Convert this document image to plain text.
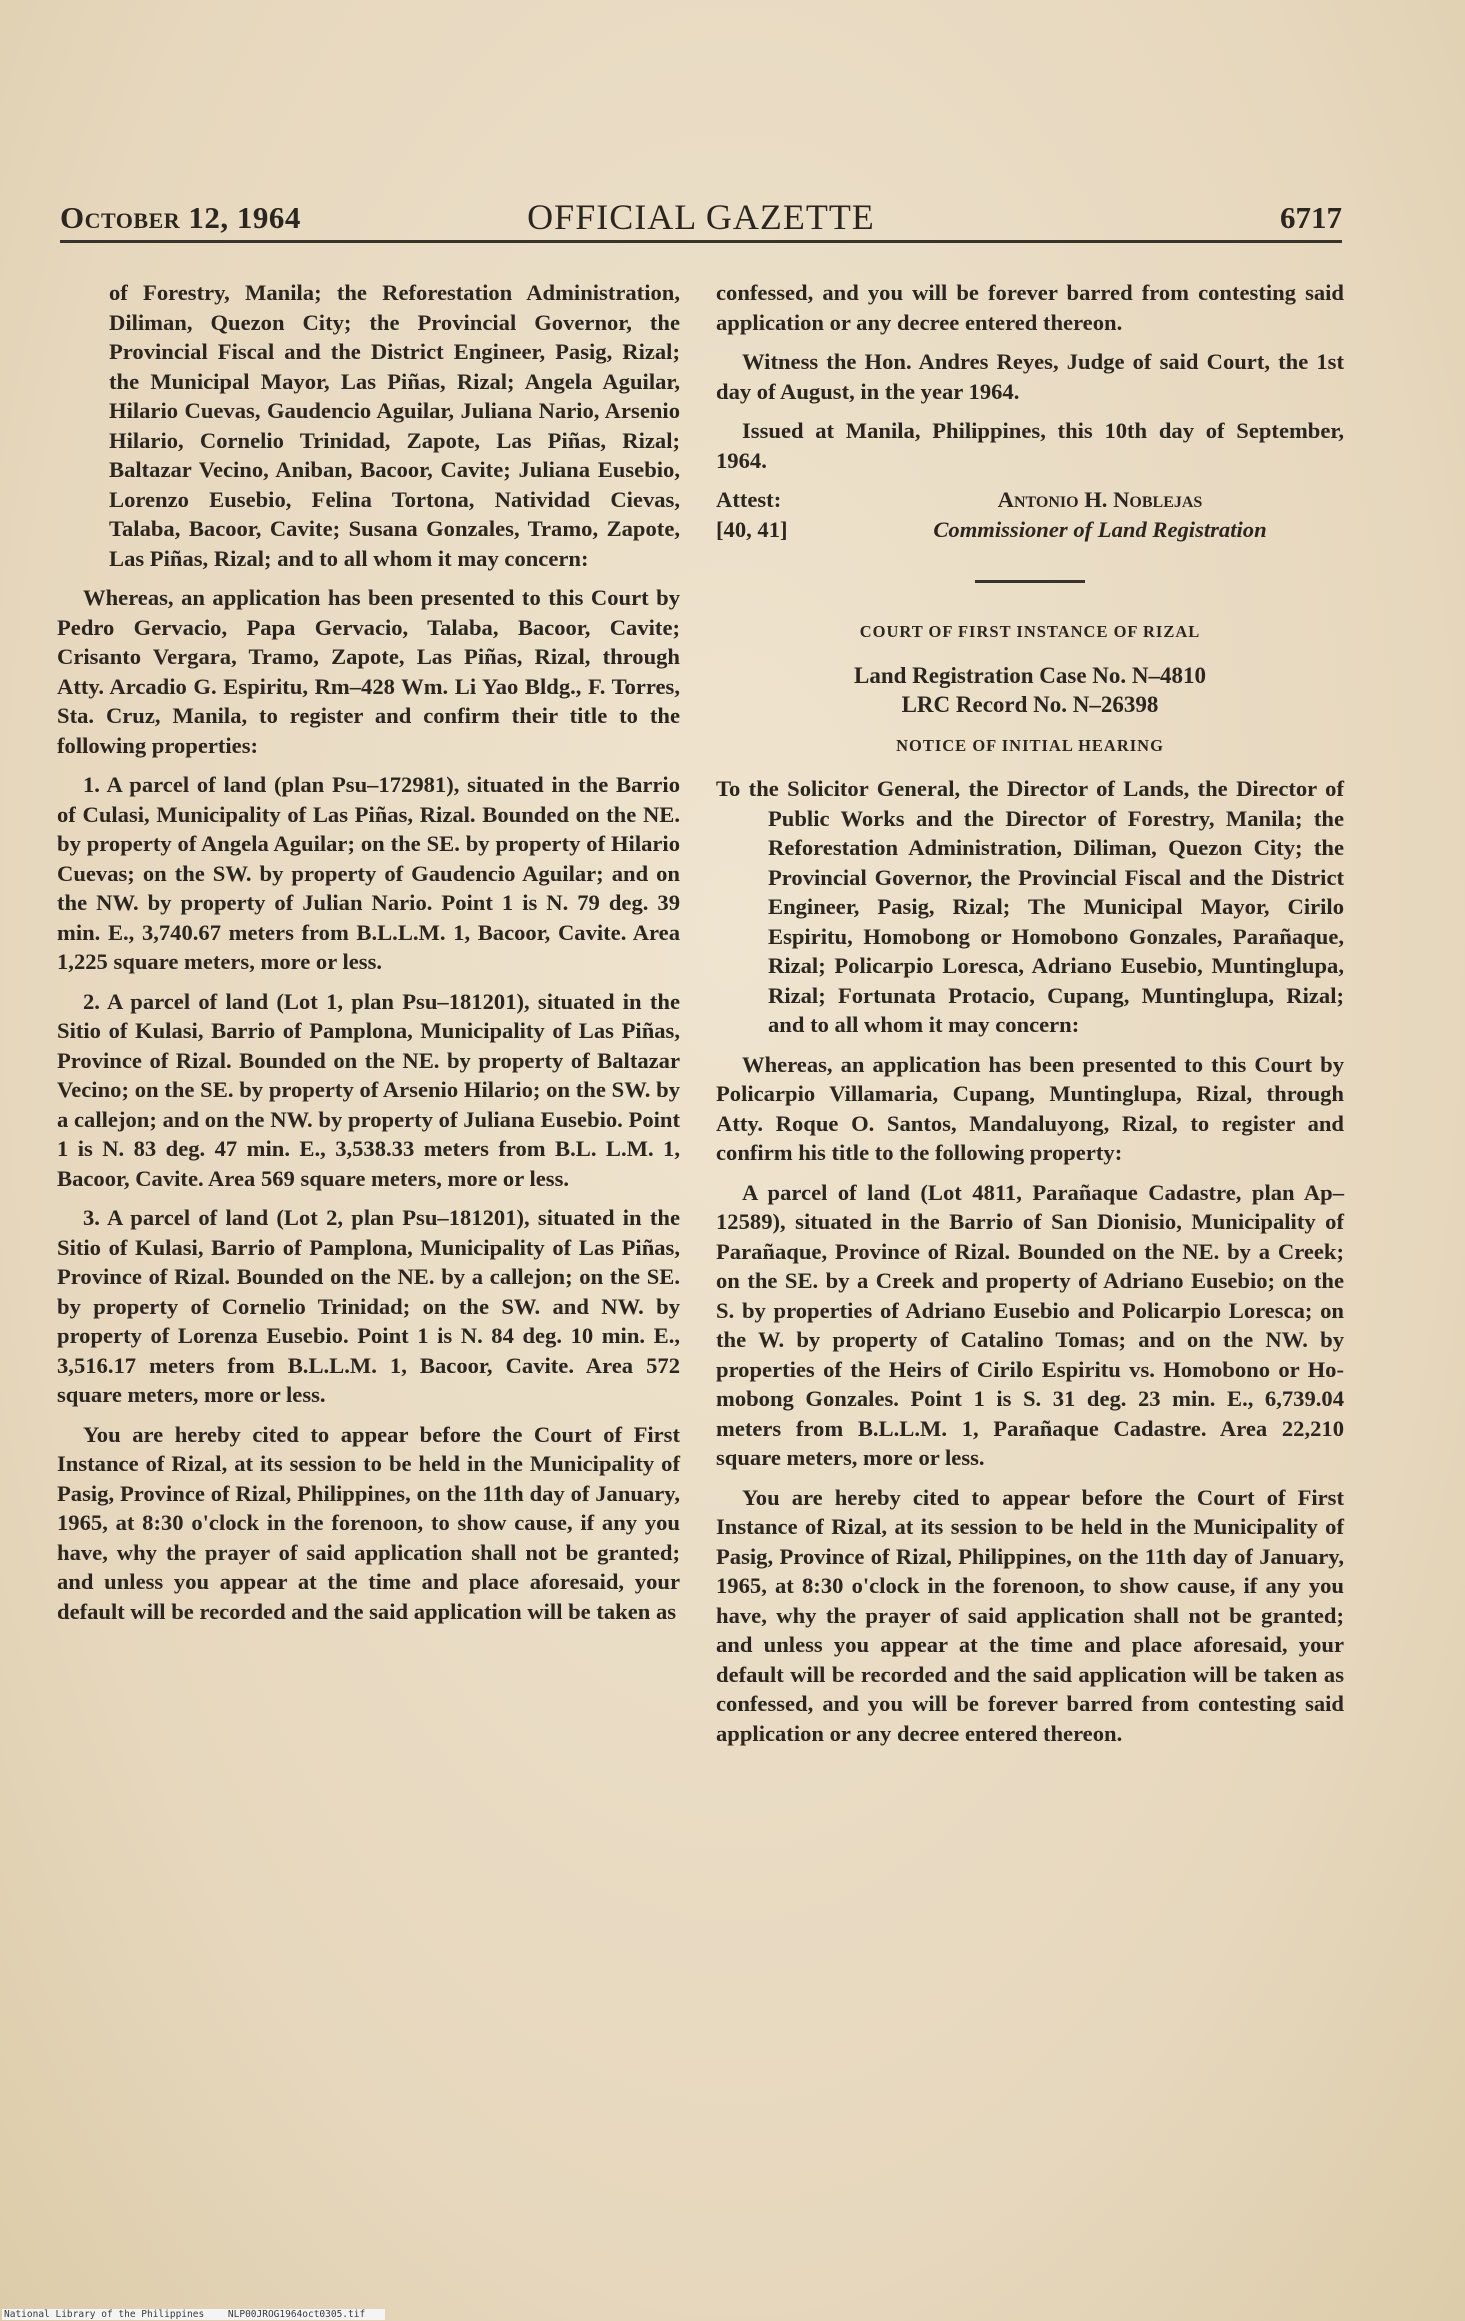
October 12, 1964	OFFICIAL GAZETTE	6717

of Forestry, Manila; the Reforestation Administration, Diliman, Quezon City; the Provincial Governor, the Provincial Fiscal and the District Engineer, Pasig, Rizal; the Municipal Mayor, Las Piñas, Rizal; Angela Aguilar, Hilario Cuevas, Gaudencio Aguilar, Juliana Nario, Arsenio Hilario, Cornelio Trinidad, Zapote, Las Piñas, Rizal; Baltazar Vecino, Aniban, Bacoor, Cavite; Juliana Eusebio, Lorenzo Eusebio, Felina Tortona, Natividad Cievas, Talaba, Bacoor, Cavite; Susana Gonzales, Tramo, Zapote, Las Piñas, Rizal; and to all whom it may concern:

Whereas, an application has been presented to this Court by Pedro Gervacio, Papa Gervacio, Talaba, Bacoor, Cavite; Crisanto Vergara, Tramo, Zapote, Las Piñas, Rizal, through Atty. Arcadio G. Espiritu, Rm–428 Wm. Li Yao Bldg., F. Torres, Sta. Cruz, Manila, to register and confirm their title to the following properties:

1. A parcel of land (plan Psu–172981), situated in the Barrio of Culasi, Municipality of Las Piñas, Rizal. Bounded on the NE. by property of Angela Aguilar; on the SE. by property of Hilario Cuevas; on the SW. by property of Gaudencio Aguilar; and on the NW. by property of Julian Nario. Point 1 is N. 79 deg. 39 min. E., 3,740.67 meters from B.L.L.M. 1, Bacoor, Cavite. Area 1,225 square meters, more or less.

2. A parcel of land (Lot 1, plan Psu–181201), situated in the Sitio of Kulasi, Barrio of Pamplona, Municipality of Las Piñas, Province of Rizal. Bounded on the NE. by property of Baltazar Vecino; on the SE. by property of Arsenio Hilario; on the SW. by a callejon; and on the NW. by property of Juliana Eusebio. Point 1 is N. 83 deg. 47 min. E., 3,538.33 meters from B.L. L.M. 1, Bacoor, Cavite. Area 569 square meters, more or less.

3. A parcel of land (Lot 2, plan Psu–181201), situated in the Sitio of Kulasi, Barrio of Pamplona, Municipality of Las Piñas, Province of Rizal. Bounded on the NE. by a callejon; on the SE. by property of Cornelio Trinidad; on the SW. and NW. by property of Lorenza Eusebio. Point 1 is N. 84 deg. 10 min. E., 3,516.17 meters from B.L.L.M. 1, Bacoor, Cavite. Area 572 square meters, more or less.

You are hereby cited to appear before the Court of First Instance of Rizal, at its session to be held in the Municipality of Pasig, Province of Rizal, Philippines, on the 11th day of January, 1965, at 8:30 o'clock in the forenoon, to show cause, if any you have, why the prayer of said application shall not be granted; and unless you appear at the time and place aforesaid, your default will be recorded and the said application will be taken as

confessed, and you will be forever barred from contesting said application or any decree entered thereon.

Witness the Hon. Andres Reyes, Judge of said Court, the 1st day of August, in the year 1964.

Issued at Manila, Philippines, this 10th day of September, 1964.

Attest:	Antonio H. Noblejas
[40, 41]	Commissioner of Land Registration
COURT OF FIRST INSTANCE OF RIZAL
Land Registration Case No. N–4810
LRC Record No. N–26398
NOTICE OF INITIAL HEARING

To the Solicitor General, the Director of Lands, the Director of Public Works and the Director of Forestry, Manila; the Reforestation Administration, Diliman, Quezon City; the Provincial Governor, the Provincial Fiscal and the District Engineer, Pasig, Rizal; The Municipal Mayor, Cirilo Espiritu, Homobong or Homobono Gonzales, Parañaque, Rizal; Policarpio Loresca, Adriano Eusebio, Muntinglupa, Rizal; Fortunata Protacio, Cupang, Muntinglupa, Rizal; and to all whom it may concern:

Whereas, an application has been presented to this Court by Policarpio Villamaria, Cupang, Muntinglupa, Rizal, through Atty. Roque O. Santos, Mandaluyong, Rizal, to register and confirm his title to the following property:

A parcel of land (Lot 4811, Parañaque Cadastre, plan Ap–12589), situated in the Barrio of San Dionisio, Municipality of Parañaque, Province of Rizal. Bounded on the NE. by a Creek; on the SE. by a Creek and property of Adriano Eusebio; on the S. by properties of Adriano Eusebio and Policarpio Loresca; on the W. by property of Catalino Tomas; and on the NW. by properties of the Heirs of Cirilo Espiritu vs. Homobono or Homobong Gonzales. Point 1 is S. 31 deg. 23 min. E., 6,739.04 meters from B.L.L.M. 1, Parañaque Cadastre. Area 22,210 square meters, more or less.

You are hereby cited to appear before the Court of First Instance of Rizal, at its session to be held in the Municipality of Pasig, Province of Rizal, Philippines, on the 11th day of January, 1965, at 8:30 o'clock in the forenoon, to show cause, if any you have, why the prayer of said application shall not be granted; and unless you appear at the time and place aforesaid, your default will be recorded and the said application will be taken as confessed, and you will be forever barred from contesting said application or any decree entered thereon.

National Library of the Philippines NLP00JROG1964oct0305.tif
